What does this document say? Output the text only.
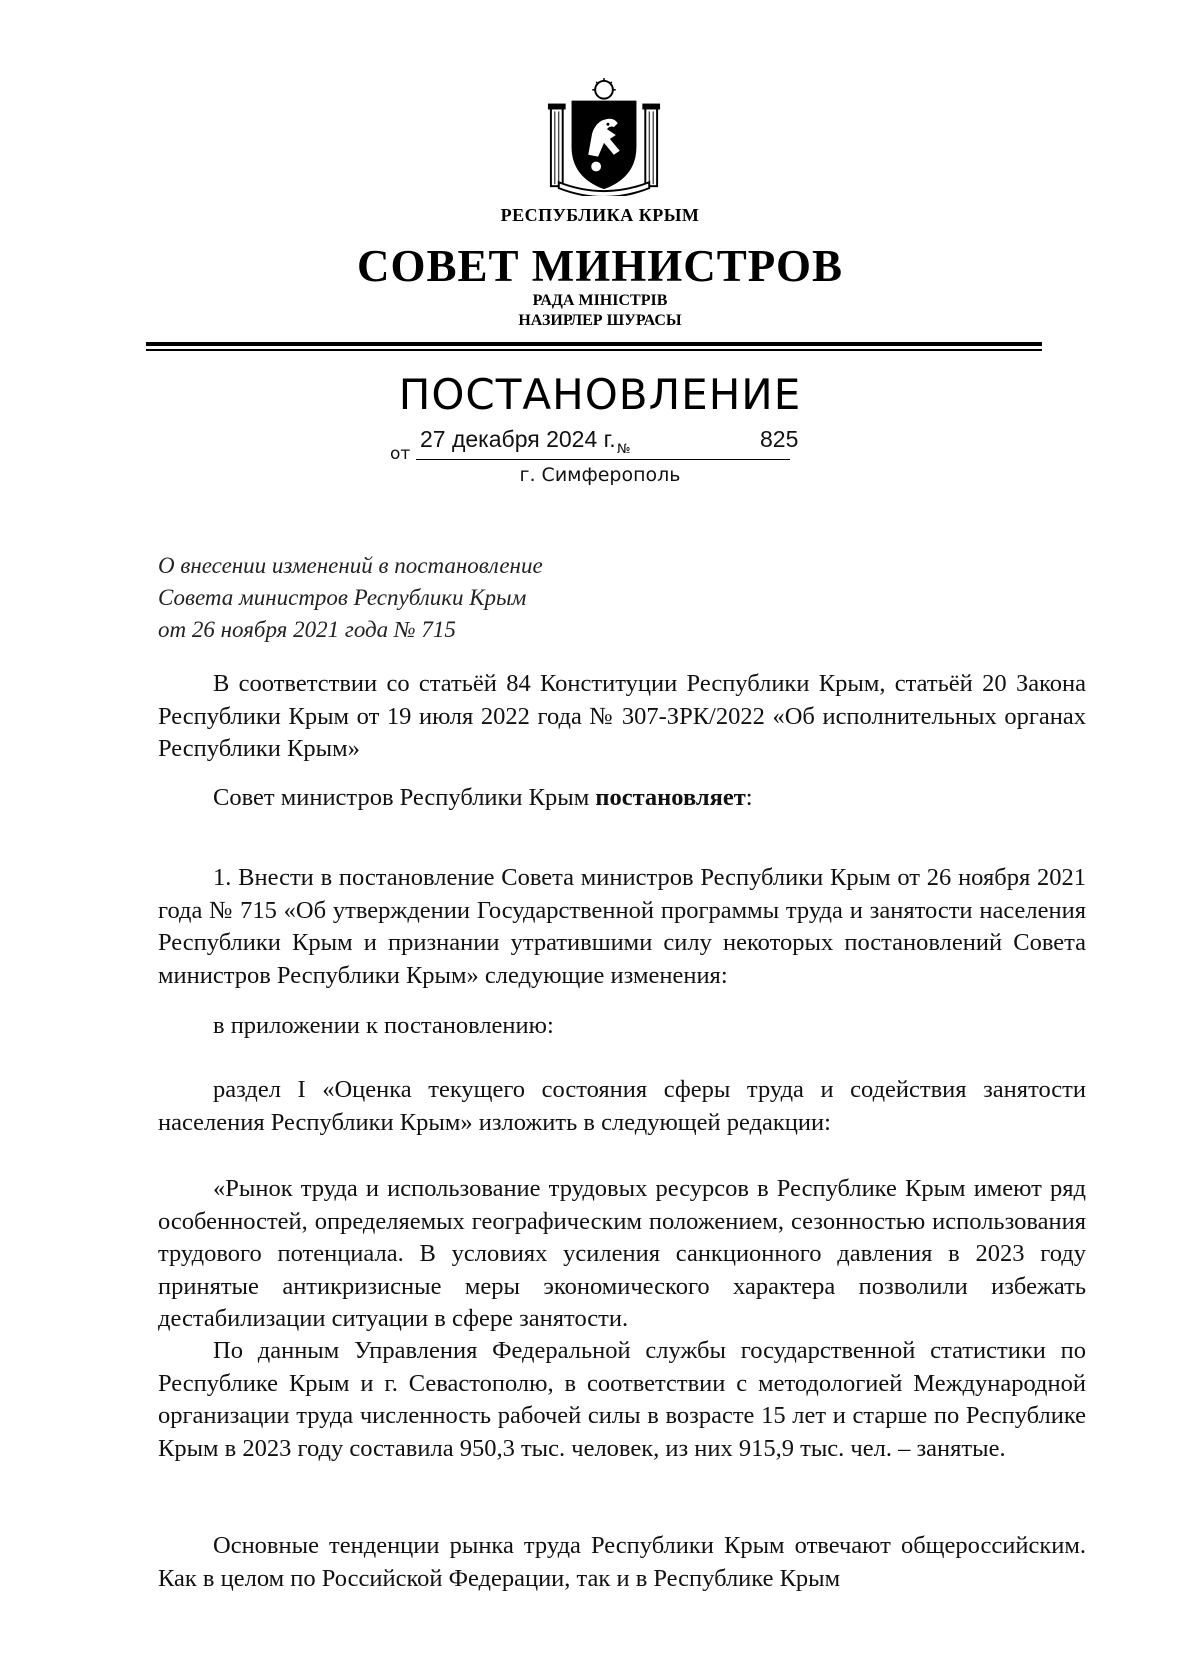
РЕСПУБЛИКА КРЫМ
СОВЕТ МИНИСТРОВ
РАДА МІНІСТРІВ
НАЗИРЛЕР ШУРАСЫ
ПОСТАНОВЛЕНИЕ
от
27 декабря 2024 г. №	825
г. Симферополь
О внесении изменений в постановление
Совета министров Республики Крым
от 26 ноября 2021 года № 715

В соответствии со статьёй 84 Конституции Республики Крым, статьёй 20 Закона Республики Крым от 19 июля 2022 года № 307-ЗРК/2022 «Об исполнительных органах Республики Крым»

Совет министров Республики Крым постановляет:

1. Внести в постановление Совета министров Республики Крым от 26 ноября 2021 года № 715 «Об утверждении Государственной программы труда и занятости населения Республики Крым и признании утратившими силу некоторых постановлений Совета министров Республики Крым» следующие изменения:

в приложении к постановлению:

раздел I «Оценка текущего состояния сферы труда и содействия занятости населения Республики Крым» изложить в следующей редакции:

«Рынок труда и использование трудовых ресурсов в Республике Крым имеют ряд особенностей, определяемых географическим положением, сезонностью использования трудового потенциала. В условиях усиления санкционного давления в 2023 году принятые антикризисные меры экономического характера позволили избежать дестабилизации ситуации в сфере занятости.

По данным Управления Федеральной службы государственной статистики по Республике Крым и г. Севастополю, в соответствии с методологией Международной организации труда численность рабочей силы в возрасте 15 лет и старше по Республике Крым в 2023 году составила 950,3 тыс. человек, из них 915,9 тыс. чел. – занятые.

Основные тенденции рынка труда Республики Крым отвечают общероссийским. Как в целом по Российской Федерации, так и в Республике Крым
